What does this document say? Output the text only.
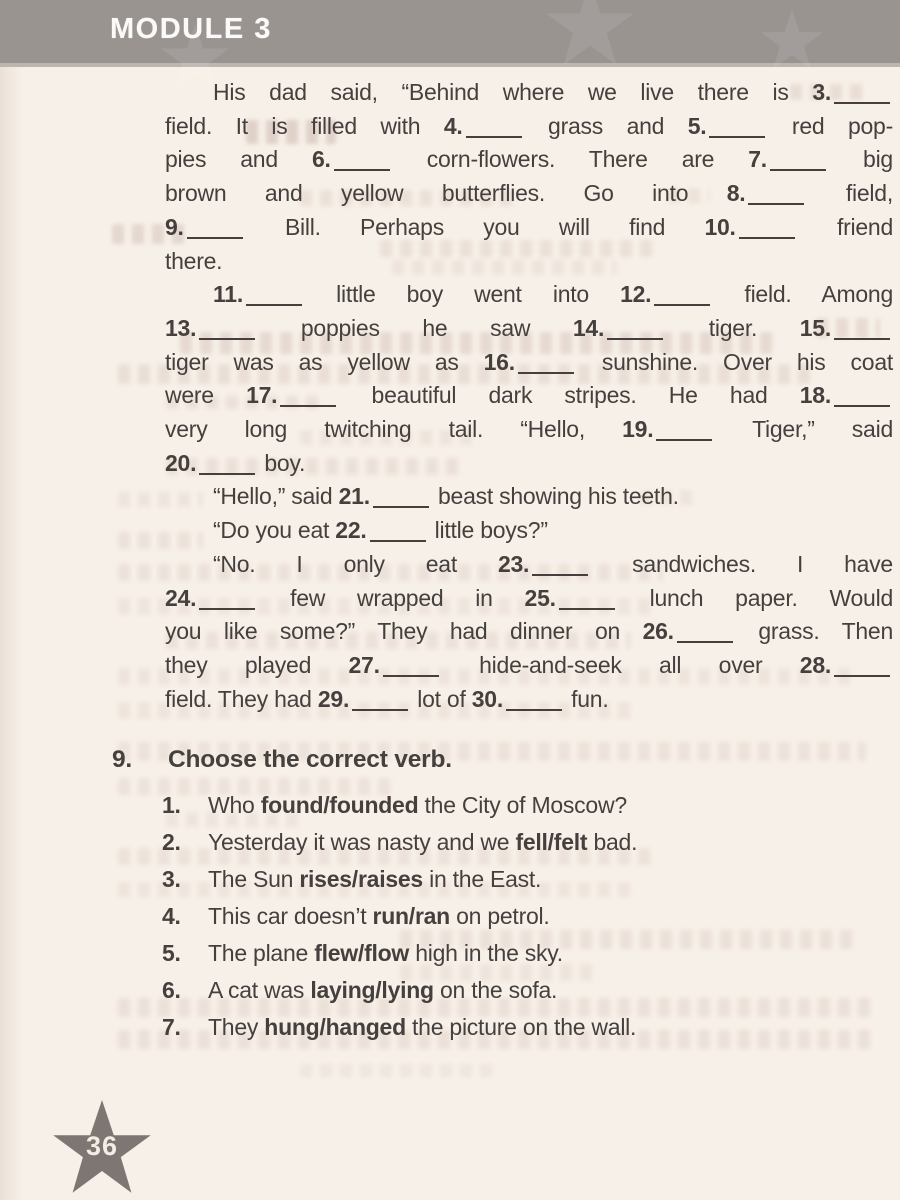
MODULE 3
His dad said, “Behind where we live there is 3.
field. It is filled with 4.	grass and 5.	red pop-
pies and 6.	corn-flowers. There are 7.	big
brown and yellow butterflies. Go into 8.	field,
9.	Bill. Perhaps you will find 10.	friend
there.
11.	little boy went into 12.	field. Among
13.	poppies he saw 14.	tiger. 15.
tiger was as yellow as 16.	sunshine. Over his coat
were 17.	beautiful dark stripes. He had 18.
very long twitching tail. “Hello, 19.	Tiger,” said
20.	boy.
“Hello,” said 21.	beast showing his teeth.
“Do you eat 22.	little boys?”
“No. I only eat 23.	sandwiches. I have
24.	few wrapped in 25.	lunch paper. Would
you like some?” They had dinner on 26.	grass. Then
they played 27.	hide-and-seek all over 28.
field. They had 29.	lot of 30.	fun.
9.	Choose the correct verb.
1.	Who found/founded the City of Moscow?
2.	Yesterday it was nasty and we fell/felt bad.
3.	The Sun rises/raises in the East.
4.	This car doesn’t run/ran on petrol.
5.	The plane flew/flow high in the sky.
6.	A cat was laying/lying on the sofa.
7.	They hung/hanged the picture on the wall.
36
